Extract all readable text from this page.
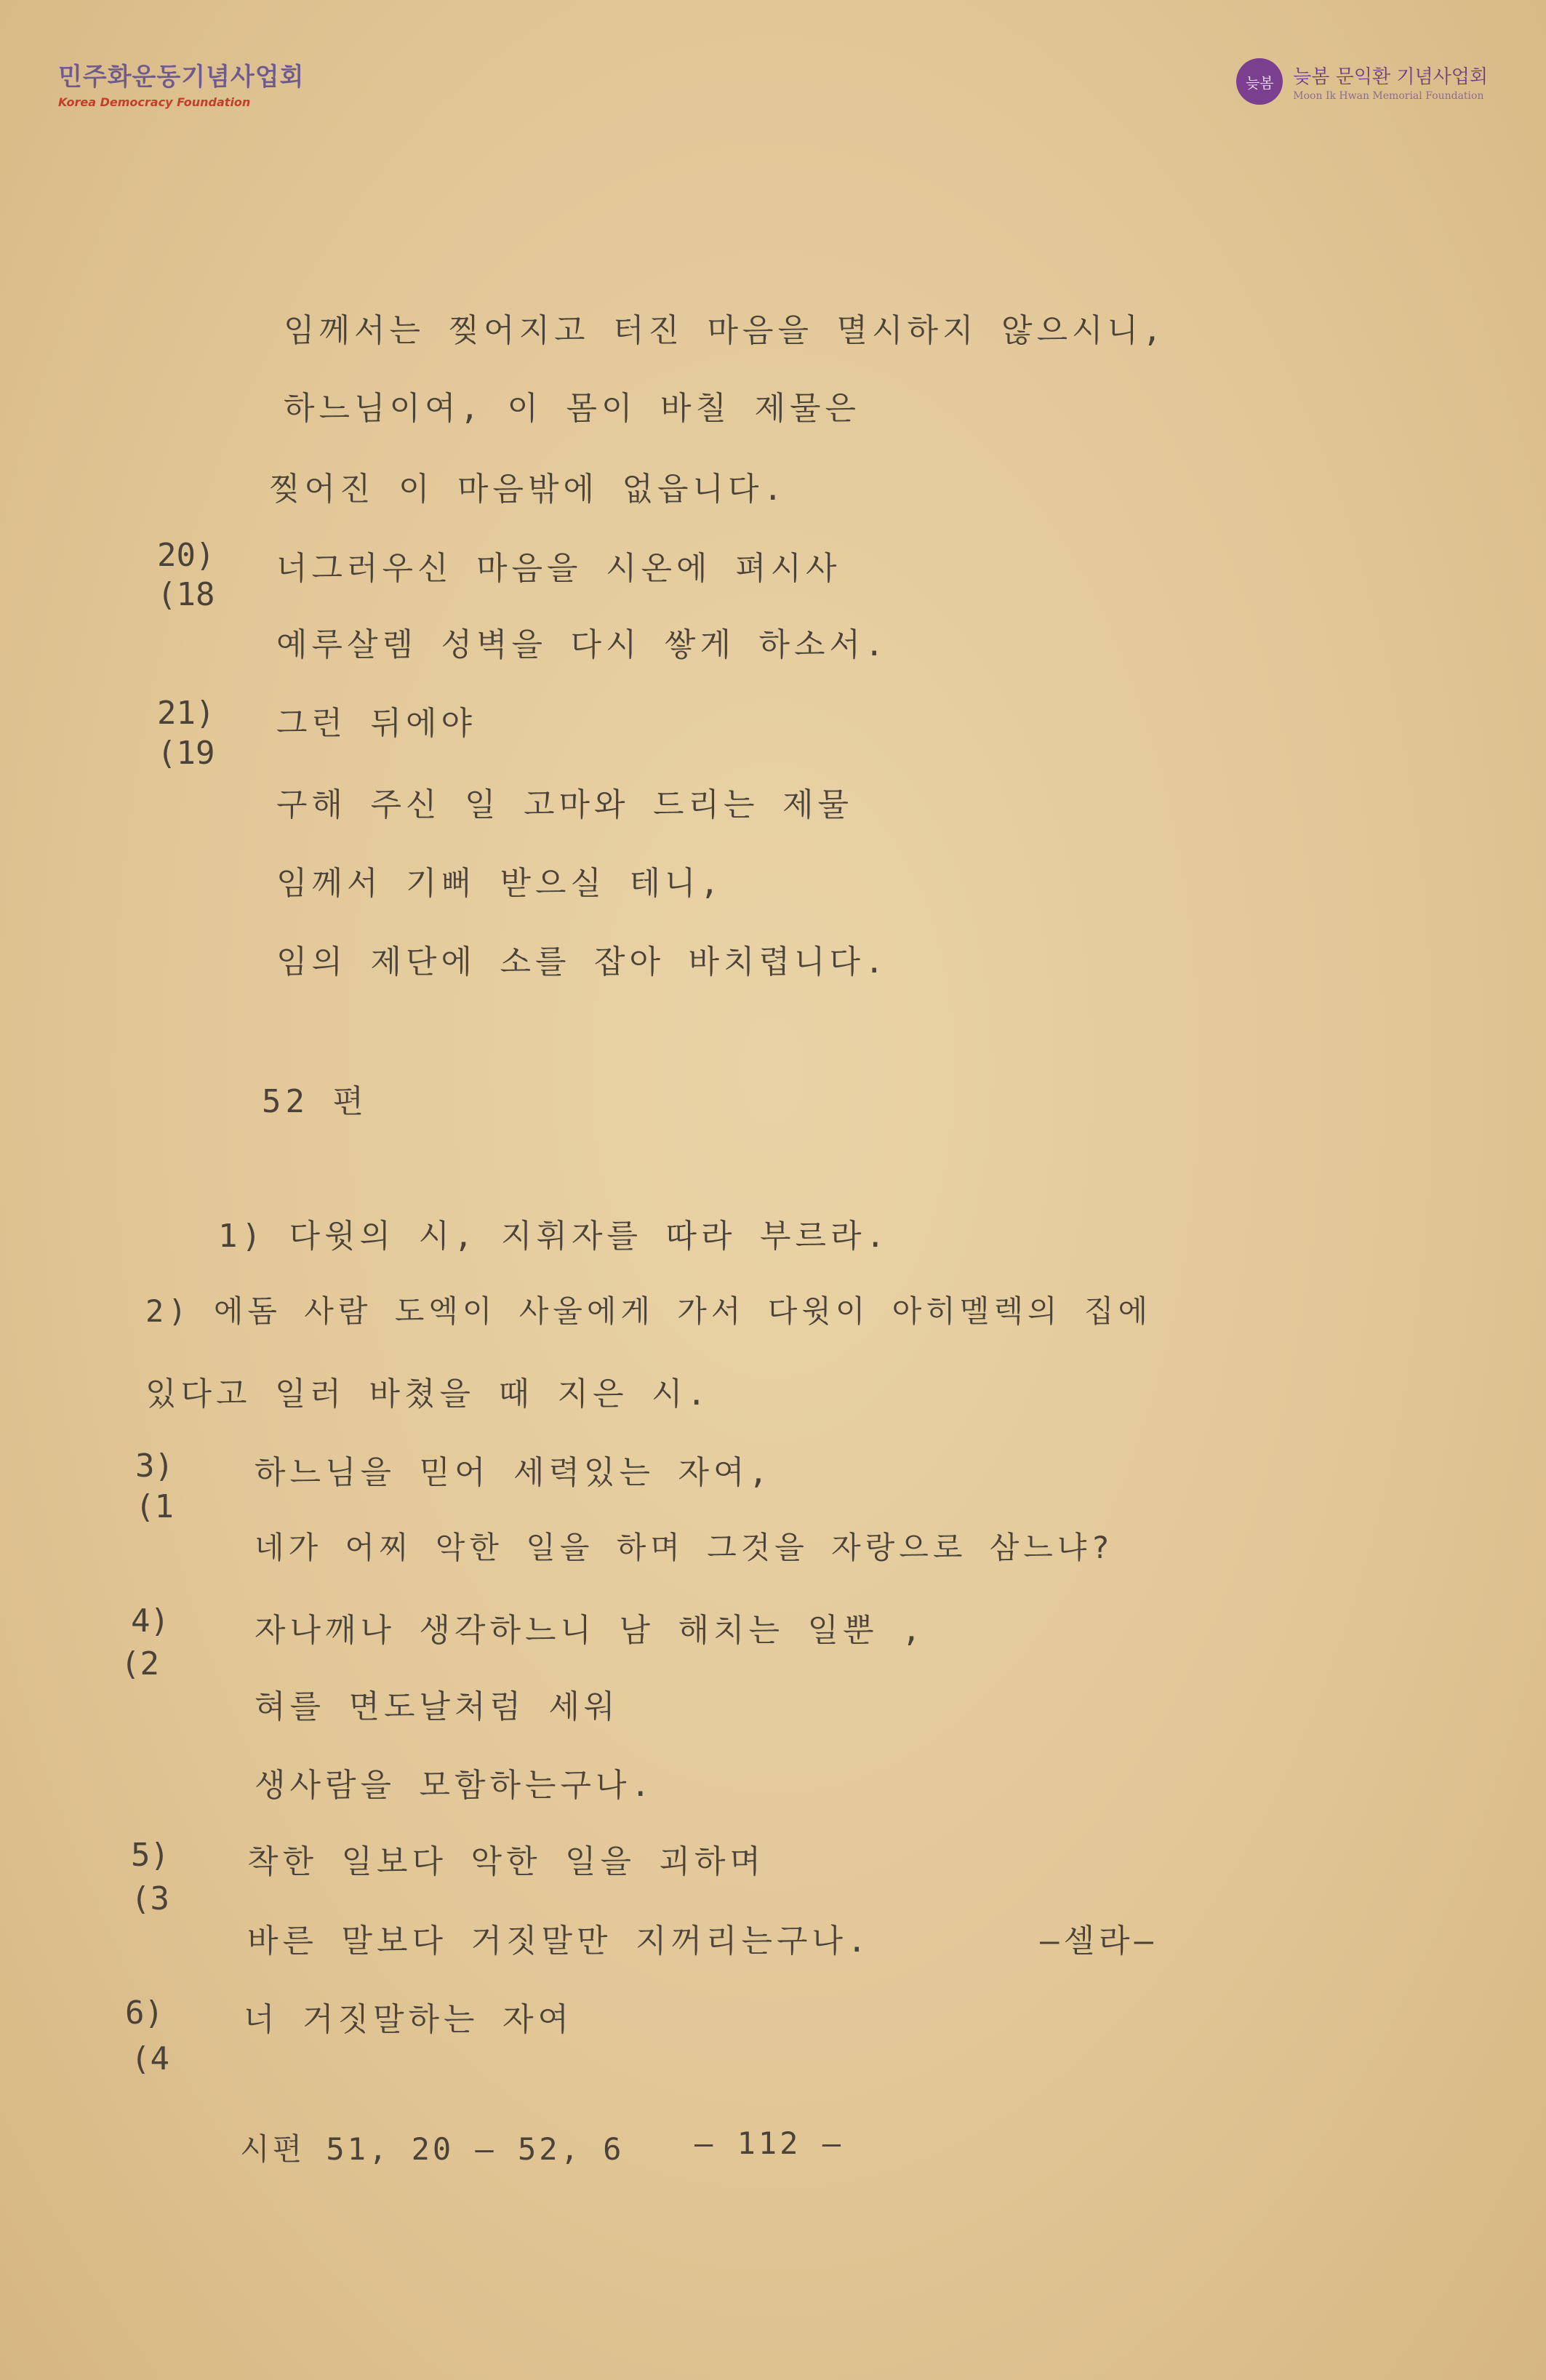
민주화운동기념사업회
Korea Democracy Foundation
늦봄	늦봄 문익환 기념사업회
Moon Ik Hwan Memorial Foundation
임께서는 찢어지고 터진 마음을 멸시하지 않으시니,
하느님이여, 이 몸이 바칠 제물은
찢어진 이 마음밖에 없읍니다.
20)
(18
너그러우신 마음을 시온에 펴시사
예루살렘 성벽을 다시 쌓게 하소서.
21)
(19
그런 뒤에야
구해 주신 일 고마와 드리는 제물
임께서 기뻐 받으실 테니,
임의 제단에 소를 잡아 바치렵니다.
52 편
1) 다윗의 시, 지휘자를 따라 부르라.
2) 에돔 사람 도엑이 사울에게 가서 다윗이 아히멜렉의 집에
있다고 일러 바쳤을 때 지은 시.
3)
(1
하느님을 믿어 세력있는 자여,
네가 어찌 악한 일을 하며 그것을 자랑으로 삼느냐?
4)
(2
자나깨나 생각하느니 남 해치는 일뿐 ,
혀를 면도날처럼 세워
생사람을 모함하는구나.
5)
(3
착한 일보다 악한 일을 괴하며
바른 말보다 거짓말만 지꺼리는구나.	—셀라—
6)
(4
너 거짓말하는 자여
시편 51, 20 — 52, 6 — 112 —
